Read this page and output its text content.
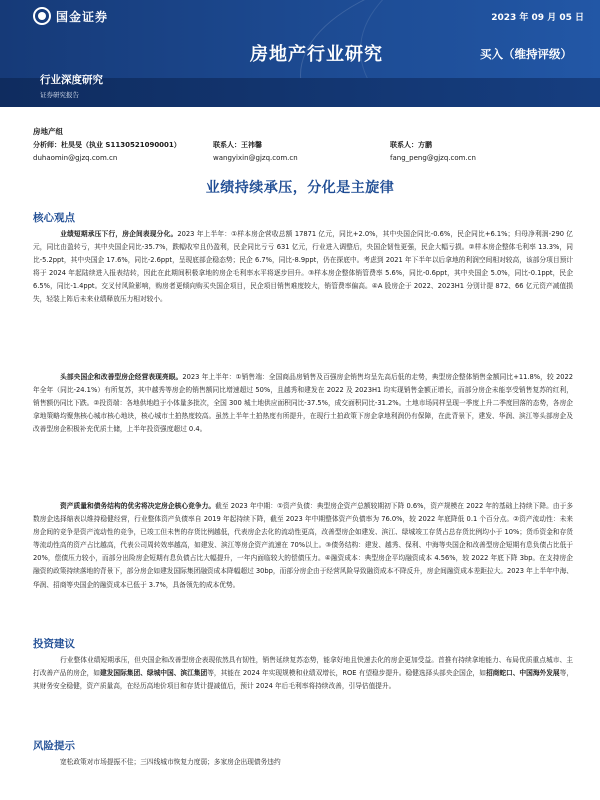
国金证券	2023 年 09 月 05 日
房地产行业研究	买入（维持评级）
行业深度研究
证券研究报告
房地产组
分析师：杜昊旻（执业 S1130521090001）	联系人：王祎馨	联系人：方鹏
duhaomin@gjzq.com.cn	wangyixin@gjzq.com.cn	fang_peng@gjzq.com.cn
业绩持续承压，分化是主旋律
核心观点
业绩短期承压下行，房企间表现分化。2023 年上半年：①样本房企营收总额 17871 亿元，同比+2.0%，其中央国企同比-0.6%，民企同比+6.1%；归母净利润-290 亿元，同比由盈转亏，其中央国企同比-35.7%，跌幅收窄且仍盈利，民企同比亏亏 631 亿元，行业进入调整后，央国企韧性更强，民企大幅亏损。②样本房企整体毛利率 13.3%，同比-5.2ppt，其中央国企 17.6%，同比-2.6ppt，呈现底部企稳态势；民企 6.7%，同比-8.9ppt，仍在探底中。考虑到 2021 年下半年以后拿地的利润空间相对较高，该部分项目预计将于 2024 年起陆续进入报表结转，因此在此期间积极拿地的房企毛利率水平将逐步回升。③样本房企整体销管费率 5.6%，同比-0.6ppt，其中央国企 5.0%，同比-0.1ppt，民企 6.5%，同比-1.4ppt。交叉付风险影响，购房者更倾向购买央国企项目，民企项目销售难度较大，销管费率偏高。④A 股房企于 2022、2023H1 分别计提 872、66 亿元资产减值损失，轻装上阵后未来业绩释放压力相对较小。
头部央国企和改善型房企经营表现亮眼。2023 年上半年：①销售端：全国商品房销售及百强房企销售均呈先高后低的走势，典型房企整体销售金额同比+11.8%，较 2022 年全年（同比-24.1%）有所复苏，其中越秀等房企的销售额同比增速超过 50%，且越秀和建发在 2022 及 2023H1 均实现销售金额正增长，而部分房企未能享受销售复苏的红利，销售额仍同比下跌。②投资端：各地供地趋于小体量多批次，全国 300 城土地供应面积同比-37.5%，成交面积同比-31.2%。土地市场同样呈现一季度上升二季度回落的态势，各房企拿地策略均聚焦核心城市核心地块，核心城市土拍热度较高。虽然上半年土拍热度有所提升，在现行土拍政策下房企拿地利润仍有保障，在此背景下，建发、华润、滨江等头部房企及改善型房企积极补充优质土储，上半年投资强度超过 0.4。
资产质量和债务结构的优劣将决定房企核心竞争力。截至 2023 年中期：①资产负债：典型房企资产总额较期初下降 0.6%，资产规模在 2022 年的基础上持续下降。由于多数房企选择缩表以维持稳健经营，行业整体资产负债率自 2019 年起持续下降，截至 2023 年中期整体资产负债率为 76.0%，较 2022 年底降低 0.1 个百分点。②资产流动性：未来房企间的竞争是资产流动性的竞争，已竣工但未售的存货比例越低，代表房企去化的流动性更高，改善型房企如建发、滨江、绿城竣工存货占总存货比例均小于 10%；货币资金和存货等流动性高的资产占比越高，代表公司周转效率越高，如建发、滨江等房企资产流速在 70%以上。③债务结构：建发、越秀、保利、中海等央国企和改善型房企短期有息负债占比低于 20%，偿债压力较小，而部分出险房企短期有息负债占比大幅提升，一年内面临较大的偿债压力。④融资成本：典型房企平均融资成本 4.56%，较 2022 年底下降 3bp。在支持房企融资的政策持续落地的背景下，部分房企如建发国际集团融资成本降幅超过 30bp，而部分房企由于经营风险导致融资成本不降反升，房企间融资成本差距拉大。2023 年上半年中海、华润、招商等央国企的融资成本已低于 3.7%，具备领先的成本优势。
投资建议
行业整体业绩短期承压，但央国企和改善型房企表现依然具有韧性，销售延续复苏态势，能拿好地且快速去化的房企更加受益。首推有持续拿地能力、布局优质重点城市、主打改善产品的房企，如建发国际集团、绿城中国、滨江集团等，其能在 2024 年实现规模和业绩双增长，ROE 有望稳步提升。稳健选择头部央企国企，如招商蛇口、中国海外发展等，其财务安全稳健，资产质量高，在经历高地价项目和存货计提减值后，预计 2024 年后毛利率将持续改善，引导估值提升。
风险提示
宽松政策对市场提振不佳；三四线城市恢复力度弱；多家房企出现债务违约
